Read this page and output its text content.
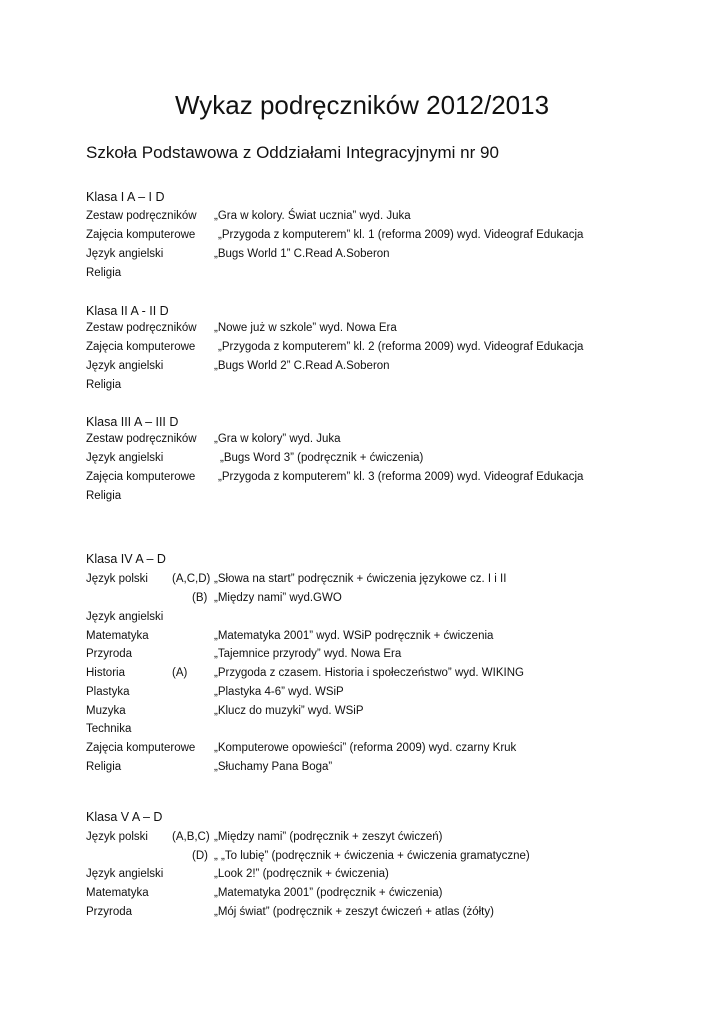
Wykaz podręczników 2012/2013
Szkoła Podstawowa z Oddziałami Integracyjnymi nr 90
Klasa I A – I D
Zestaw podręczników „Gra w kolory. Świat ucznia” wyd. Juka
Zajęcia komputerowe „Przygoda z komputerem” kl. 1 (reforma 2009) wyd. Videograf Edukacja
Język angielski	„Bugs World 1” C.Read A.Soberon
Religia
Klasa II A - II D
Zestaw podręczników „Nowe już w szkole” wyd. Nowa Era
Zajęcia komputerowe „Przygoda z komputerem” kl. 2 (reforma 2009) wyd. Videograf Edukacja
Język angielski	„Bugs World 2” C.Read A.Soberon
Religia
Klasa III A – III D
Zestaw podręczników „Gra w kolory” wyd. Juka
Język angielski	„Bugs Word 3” (podręcznik + ćwiczenia)
Zajęcia komputerowe „Przygoda z komputerem” kl. 3 (reforma 2009) wyd. Videograf Edukacja
Religia
Klasa IV A – D
Język polski (A,C,D) „Słowa na start” podręcznik + ćwiczenia językowe cz. I i II
(B) „Między nami” wyd.GWO
Język angielski
Matematyka	„Matematyka 2001” wyd. WSiP podręcznik + ćwiczenia
Przyroda	„Tajemnice przyrody” wyd. Nowa Era
Historia	(A) „Przygoda z czasem. Historia i społeczeństwo” wyd. WIKING
Plastyka	„Plastyka 4-6” wyd. WSiP
Muzyka	„Klucz do muzyki” wyd. WSiP
Technika
Zajęcia komputerowe „Komputerowe opowieści” (reforma 2009) wyd. czarny Kruk
Religia	„Słuchamy Pana Boga”
Klasa V A – D
Język polski (A,B,C) „Między nami” (podręcznik + zeszyt ćwiczeń)
(D) „ „To lubię” (podręcznik + ćwiczenia + ćwiczenia gramatyczne)
Język angielski	„Look 2!” (podręcznik + ćwiczenia)
Matematyka	„Matematyka 2001” (podręcznik + ćwiczenia)
Przyroda	„Mój świat” (podręcznik + zeszyt ćwiczeń + atlas (żółty)
